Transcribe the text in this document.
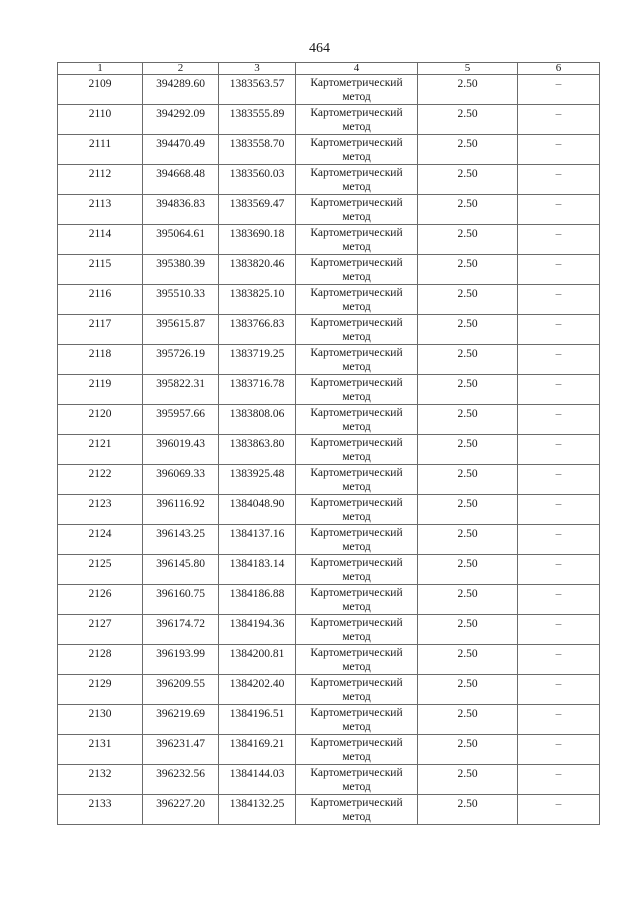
464
1	2	3	4	5	6
2109	394289.60	1383563.57	Картометрический метод	2.50	–
2110	394292.09	1383555.89	Картометрический метод	2.50	–
2111	394470.49	1383558.70	Картометрический метод	2.50	–
2112	394668.48	1383560.03	Картометрический метод	2.50	–
2113	394836.83	1383569.47	Картометрический метод	2.50	–
2114	395064.61	1383690.18	Картометрический метод	2.50	–
2115	395380.39	1383820.46	Картометрический метод	2.50	–
2116	395510.33	1383825.10	Картометрический метод	2.50	–
2117	395615.87	1383766.83	Картометрический метод	2.50	–
2118	395726.19	1383719.25	Картометрический метод	2.50	–
2119	395822.31	1383716.78	Картометрический метод	2.50	–
2120	395957.66	1383808.06	Картометрический метод	2.50	–
2121	396019.43	1383863.80	Картометрический метод	2.50	–
2122	396069.33	1383925.48	Картометрический метод	2.50	–
2123	396116.92	1384048.90	Картометрический метод	2.50	–
2124	396143.25	1384137.16	Картометрический метод	2.50	–
2125	396145.80	1384183.14	Картометрический метод	2.50	–
2126	396160.75	1384186.88	Картометрический метод	2.50	–
2127	396174.72	1384194.36	Картометрический метод	2.50	–
2128	396193.99	1384200.81	Картометрический метод	2.50	–
2129	396209.55	1384202.40	Картометрический метод	2.50	–
2130	396219.69	1384196.51	Картометрический метод	2.50	–
2131	396231.47	1384169.21	Картометрический метод	2.50	–
2132	396232.56	1384144.03	Картометрический метод	2.50	–
2133	396227.20	1384132.25	Картометрический метод	2.50	–
